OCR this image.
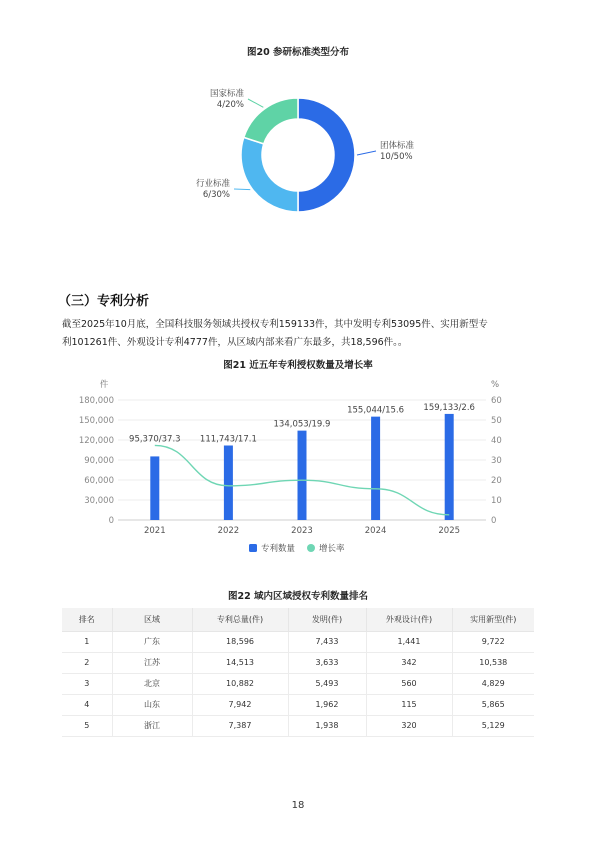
图20 参研标准类型分布
团体标准
10/50%
行业标准
6/30%
国家标准
4/20%
（三）专利分析
截至2025年10月底，全国科技服务领域共授权专利159133件，其中发明专利53095件、实用新型专
利101261件、外观设计专利4777件，从区域内部来看广东最多，共18,596件。。
图21 近五年专利授权数量及增长率
件	%
0	0
30,000	10
60,000	20
90,000	30
120,000	40
150,000	50
180,000	60
2021
95,370/37.3
2022
111,743/17.1
2023
134,053/19.9
2024
155,044/15.6
2025
159,133/2.6
专利数量	增长率
图22 域内区域授权专利数量排名
排名	区域	专利总量(件)	发明(件)	外观设计(件)	实用新型(件)
1	广东	18,596	7,433	1,441	9,722
2	江苏	14,513	3,633	342	10,538
3	北京	10,882	5,493	560	4,829
4	山东	7,942	1,962	115	5,865
5	浙江	7,387	1,938	320	5,129
18
